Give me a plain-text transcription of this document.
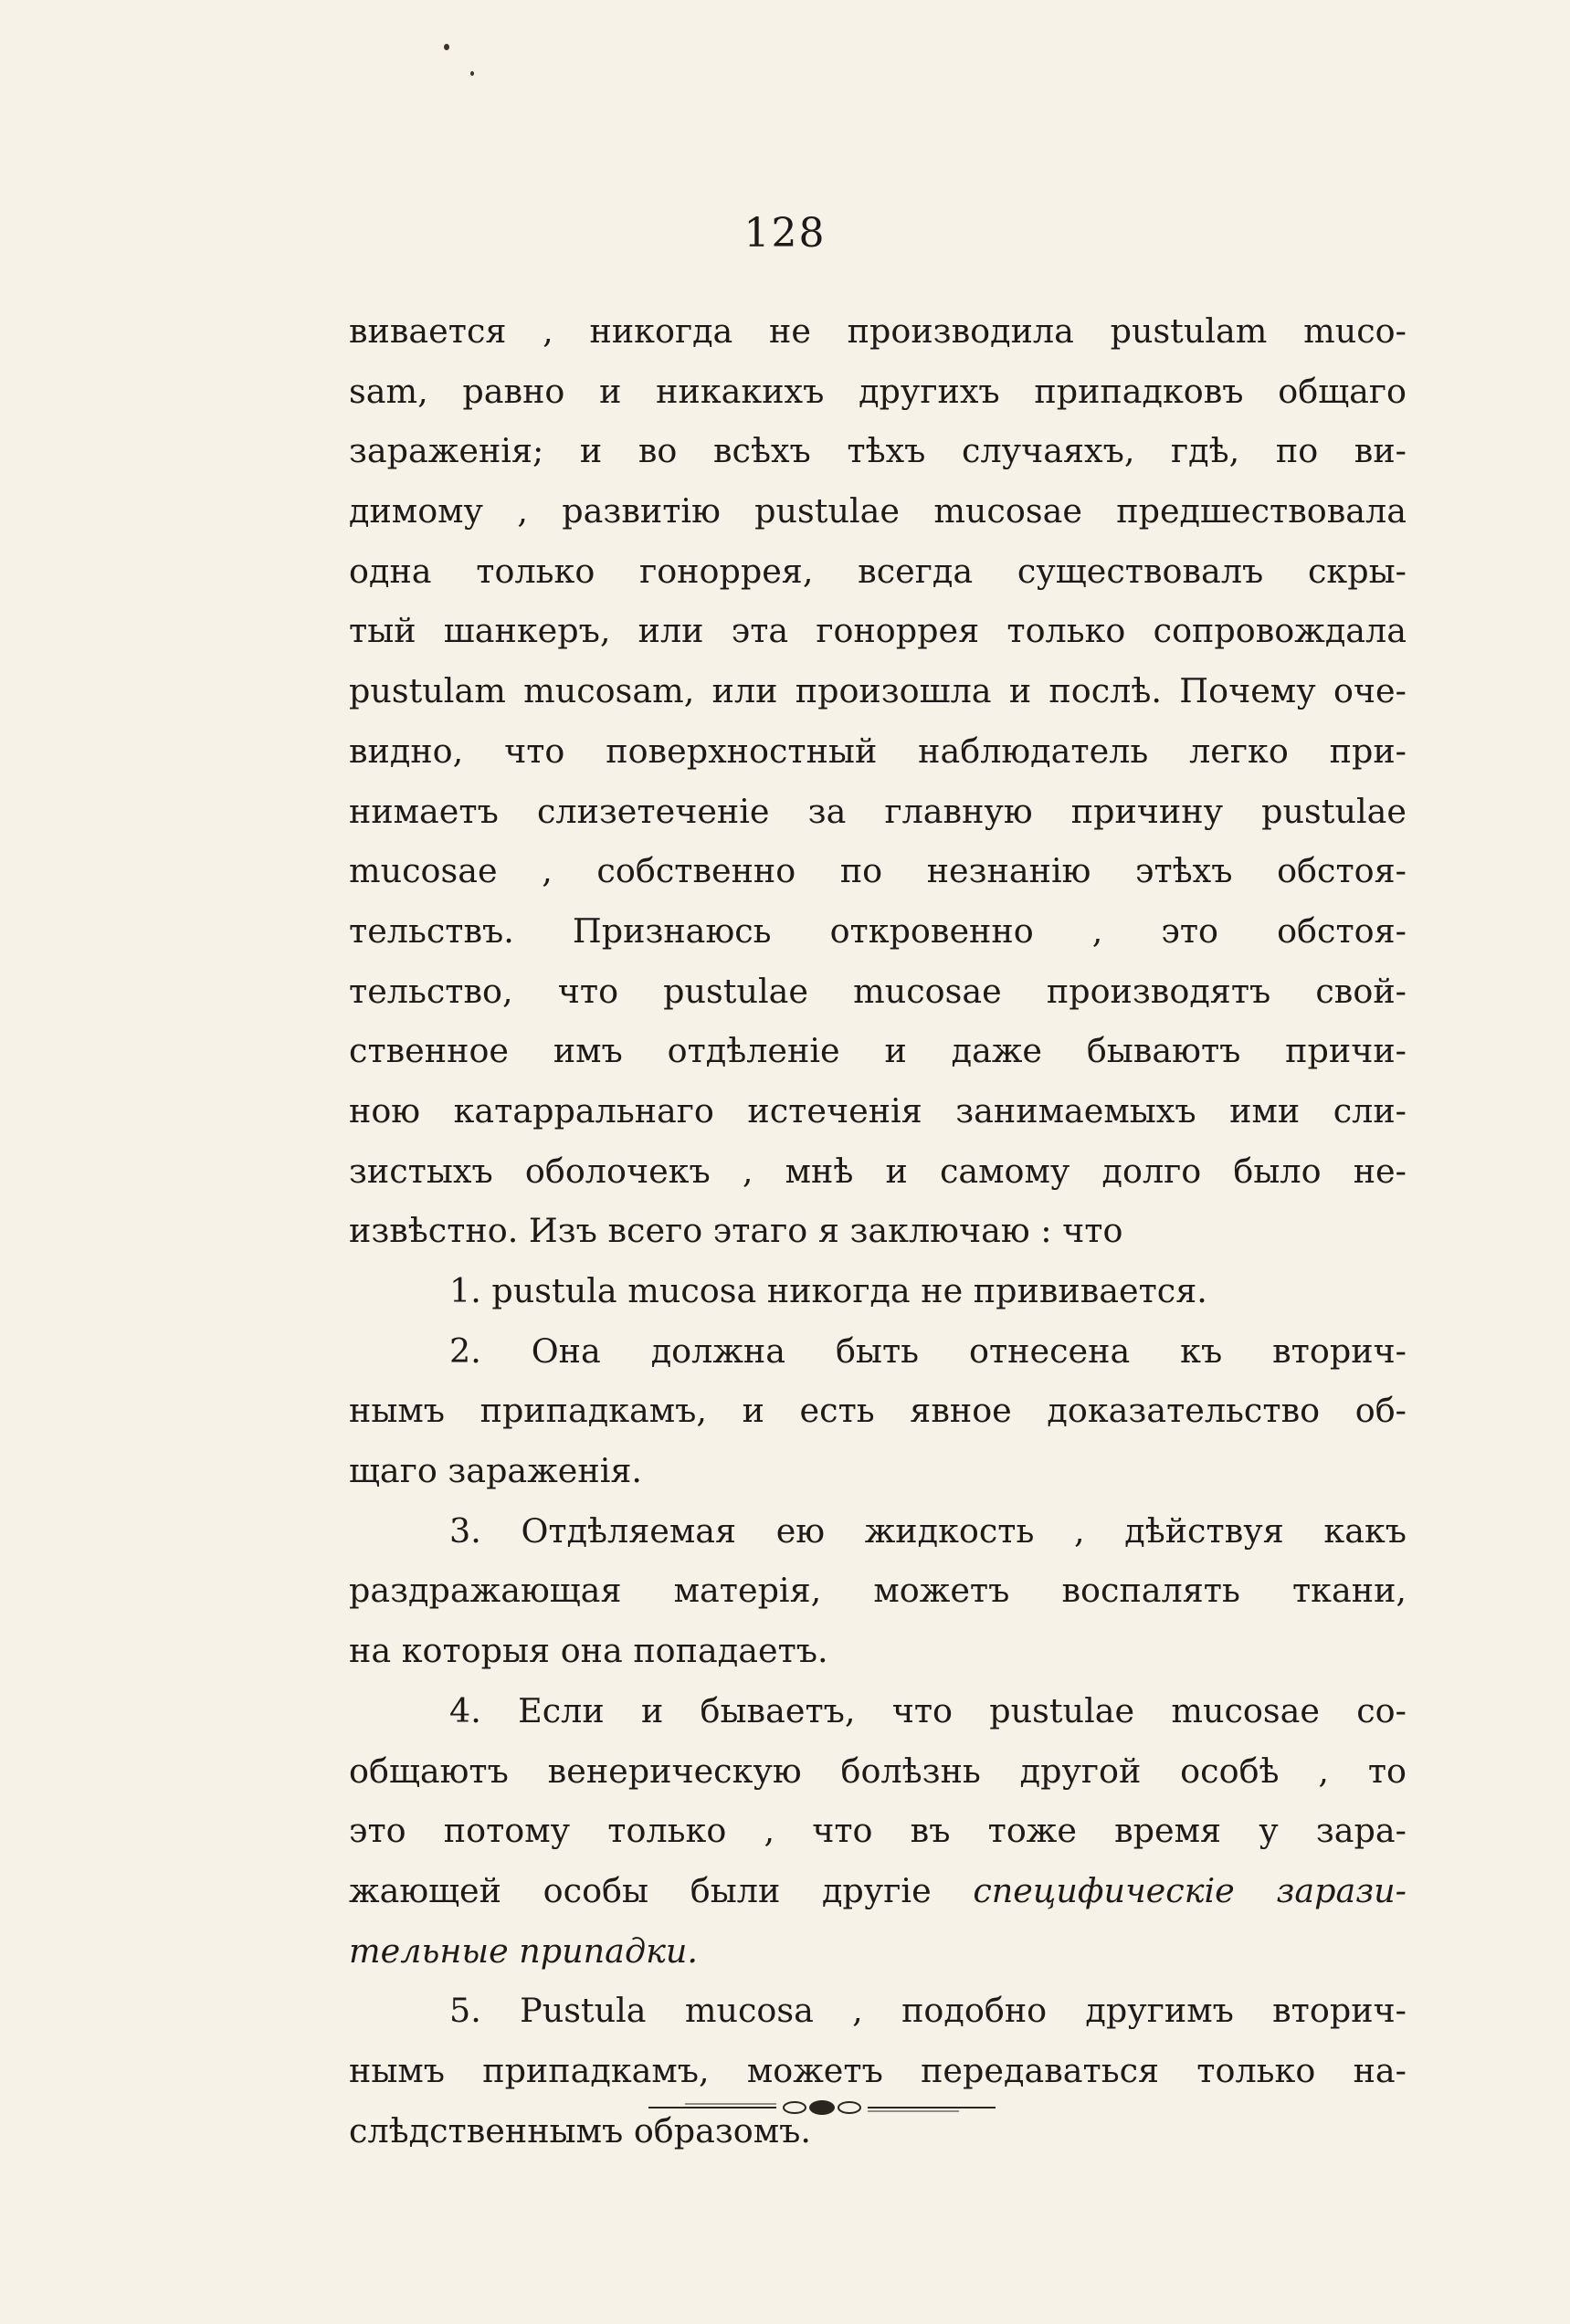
128
вивается , никогда не производила pustulam muco-
sam, равно и никакихъ другихъ припадковъ общаго
зараженія; и во всѣхъ тѣхъ случаяхъ, гдѣ, по ви-
димому , развитію pustulae mucosae предшествовала
одна только гоноррея, всегда существовалъ скры-
тый шанкеръ, или эта гоноррея только сопровождала
pustulam mucosam, или произошла и послѣ. Почему оче-
видно, что поверхностный наблюдатель легко при-
нимаетъ слизетеченіе за главную причину pustulae
mucosae , собственно по незнанію этѣхъ обстоя-
тельствъ. Признаюсь откровенно , это обстоя-
тельство, что pustulae mucosae производятъ свой-
ственное имъ отдѣленіе и даже бываютъ причи-
ною катарральнаго истеченія занимаемыхъ ими сли-
зистыхъ оболочекъ , мнѣ и самому долго было не-
извѣстно. Изъ всего этаго я заключаю : что
1. pustula mucosa никогда не прививается.
2. Она должна быть отнесена къ вторич-
нымъ припадкамъ, и есть явное доказательство об-
щаго зараженія.
3. Отдѣляемая ею жидкость , дѣйствуя какъ
раздражающая матерія, можетъ воспалять ткани,
на которыя она попадаетъ.
4. Если и бываетъ, что pustulae mucosae со-
общаютъ венерическую болѣзнь другой особѣ , то
это потому только , что въ тоже время у зара-
жающей особы были другіе специфическіе зарази-
тельные припадки.
5. Pustula mucosa , подобно другимъ вторич-
нымъ припадкамъ, можетъ передаваться только на-
слѣдственнымъ образомъ.
